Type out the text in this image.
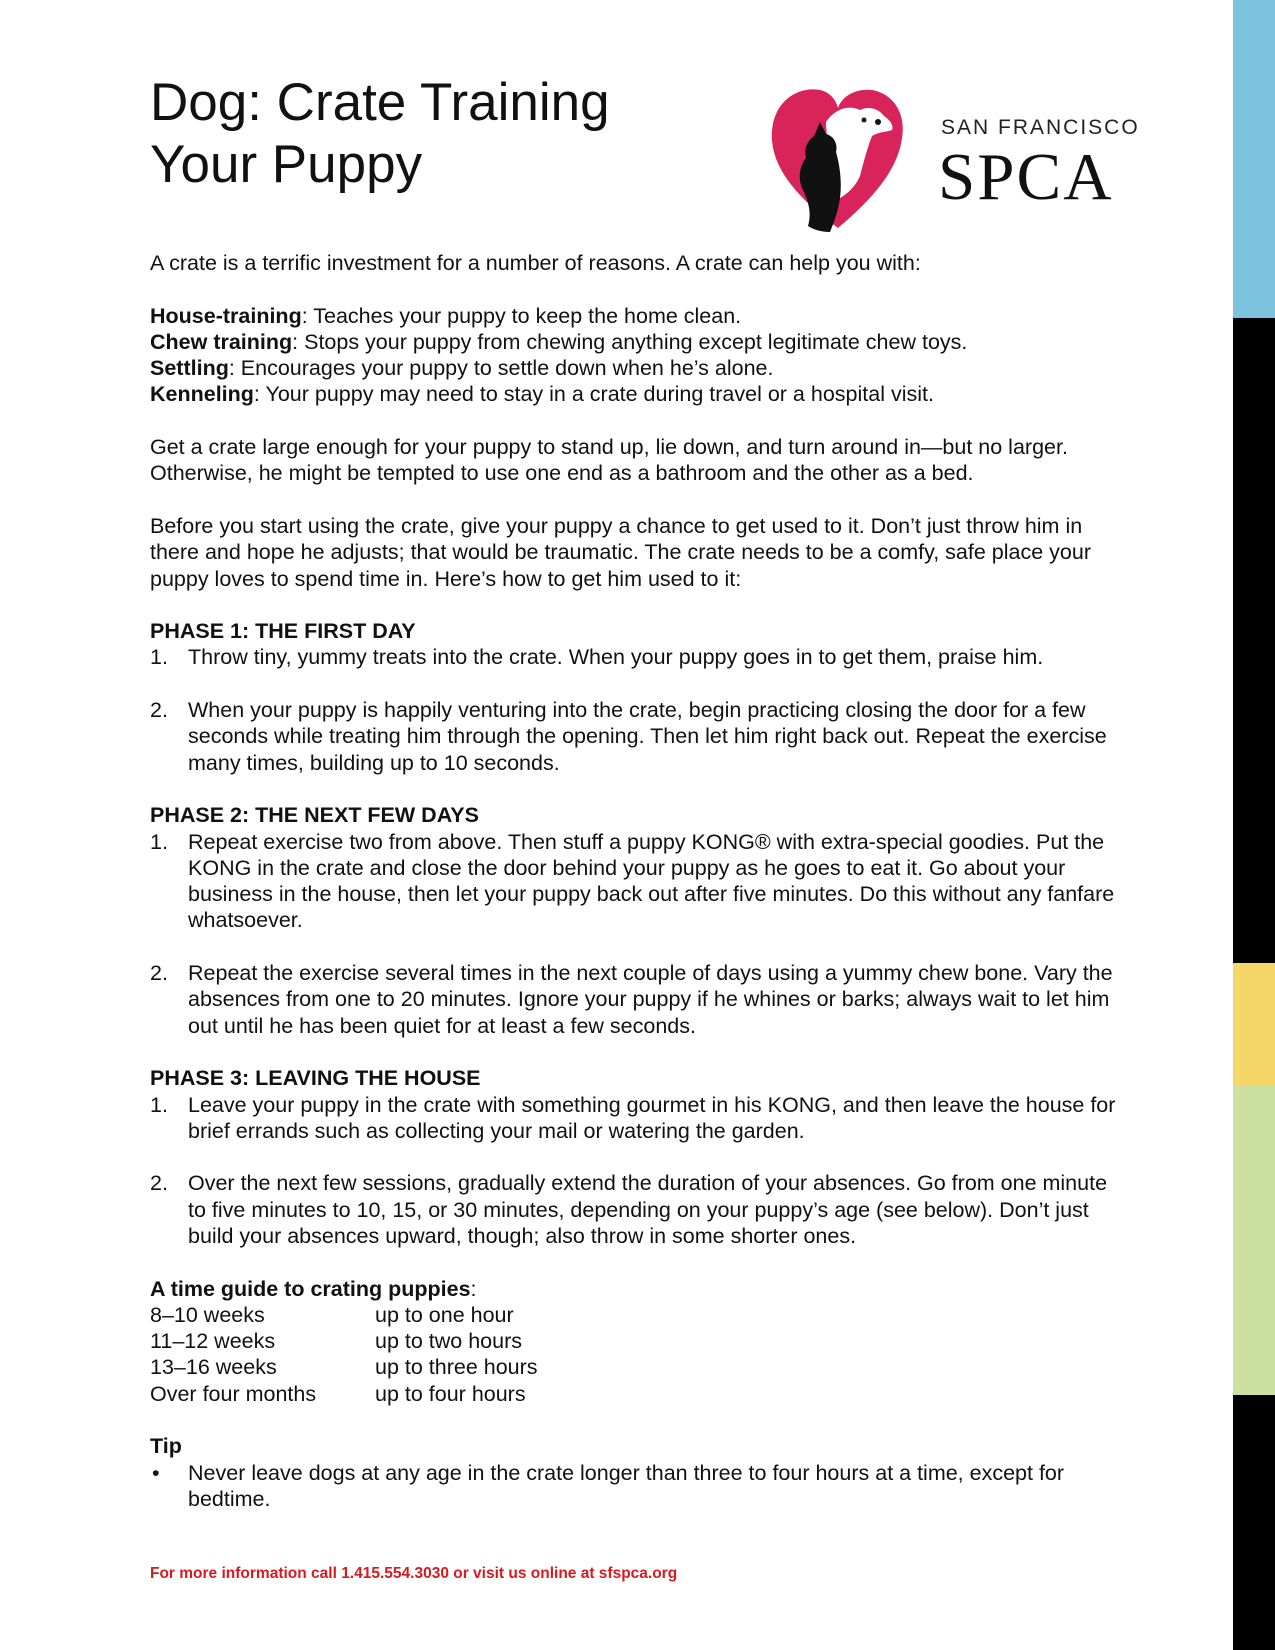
Dog: Crate Training
Your Puppy
SAN FRANCISCO
SPCA

A crate is a terrific investment for a number of reasons. A crate can help you with:

House-training: Teaches your puppy to keep the home clean.
Chew training: Stops your puppy from chewing anything except legitimate chew toys.
Settling: Encourages your puppy to settle down when he’s alone.
Kenneling: Your puppy may need to stay in a crate during travel or a hospital visit.

Get a crate large enough for your puppy to stand up, lie down, and turn around in—but no larger. Otherwise, he might be tempted to use one end as a bathroom and the other as a bed.

Before you start using the crate, give your puppy a chance to get used to it. Don’t just throw him in there and hope he adjusts; that would be traumatic. The crate needs to be a comfy, safe place your puppy loves to spend time in. Here’s how to get him used to it:

PHASE 1: THE FIRST DAY
1. Throw tiny, yummy treats into the crate. When your puppy goes in to get them, praise him.
2. When your puppy is happily venturing into the crate, begin practicing closing the door for a few seconds while treating him through the opening. Then let him right back out. Repeat the exercise many times, building up to 10 seconds.
PHASE 2: THE NEXT FEW DAYS
1. Repeat exercise two from above. Then stuff a puppy KONG® with extra-special goodies. Put the KONG in the crate and close the door behind your puppy as he goes to eat it. Go about your business in the house, then let your puppy back out after five minutes. Do this without any fanfare whatsoever.
2. Repeat the exercise several times in the next couple of days using a yummy chew bone. Vary the absences from one to 20 minutes. Ignore your puppy if he whines or barks; always wait to let him out until he has been quiet for at least a few seconds.
PHASE 3: LEAVING THE HOUSE
1. Leave your puppy in the crate with something gourmet in his KONG, and then leave the house for brief errands such as collecting your mail or watering the garden.
2. Over the next few sessions, gradually extend the duration of your absences. Go from one minute to five minutes to 10, 15, or 30 minutes, depending on your puppy’s age (see below). Don’t just build your absences upward, though; also throw in some shorter ones.
A time guide to crating puppies:
8–10 weeks	up to one hour
11–12 weeks	up to two hours
13–16 weeks	up to three hours
Over four months	up to four hours
Tip
• Never leave dogs at any age in the crate longer than three to four hours at a time, except for bedtime.
For more information call 1.415.554.3030 or visit us online at sfspca.org
